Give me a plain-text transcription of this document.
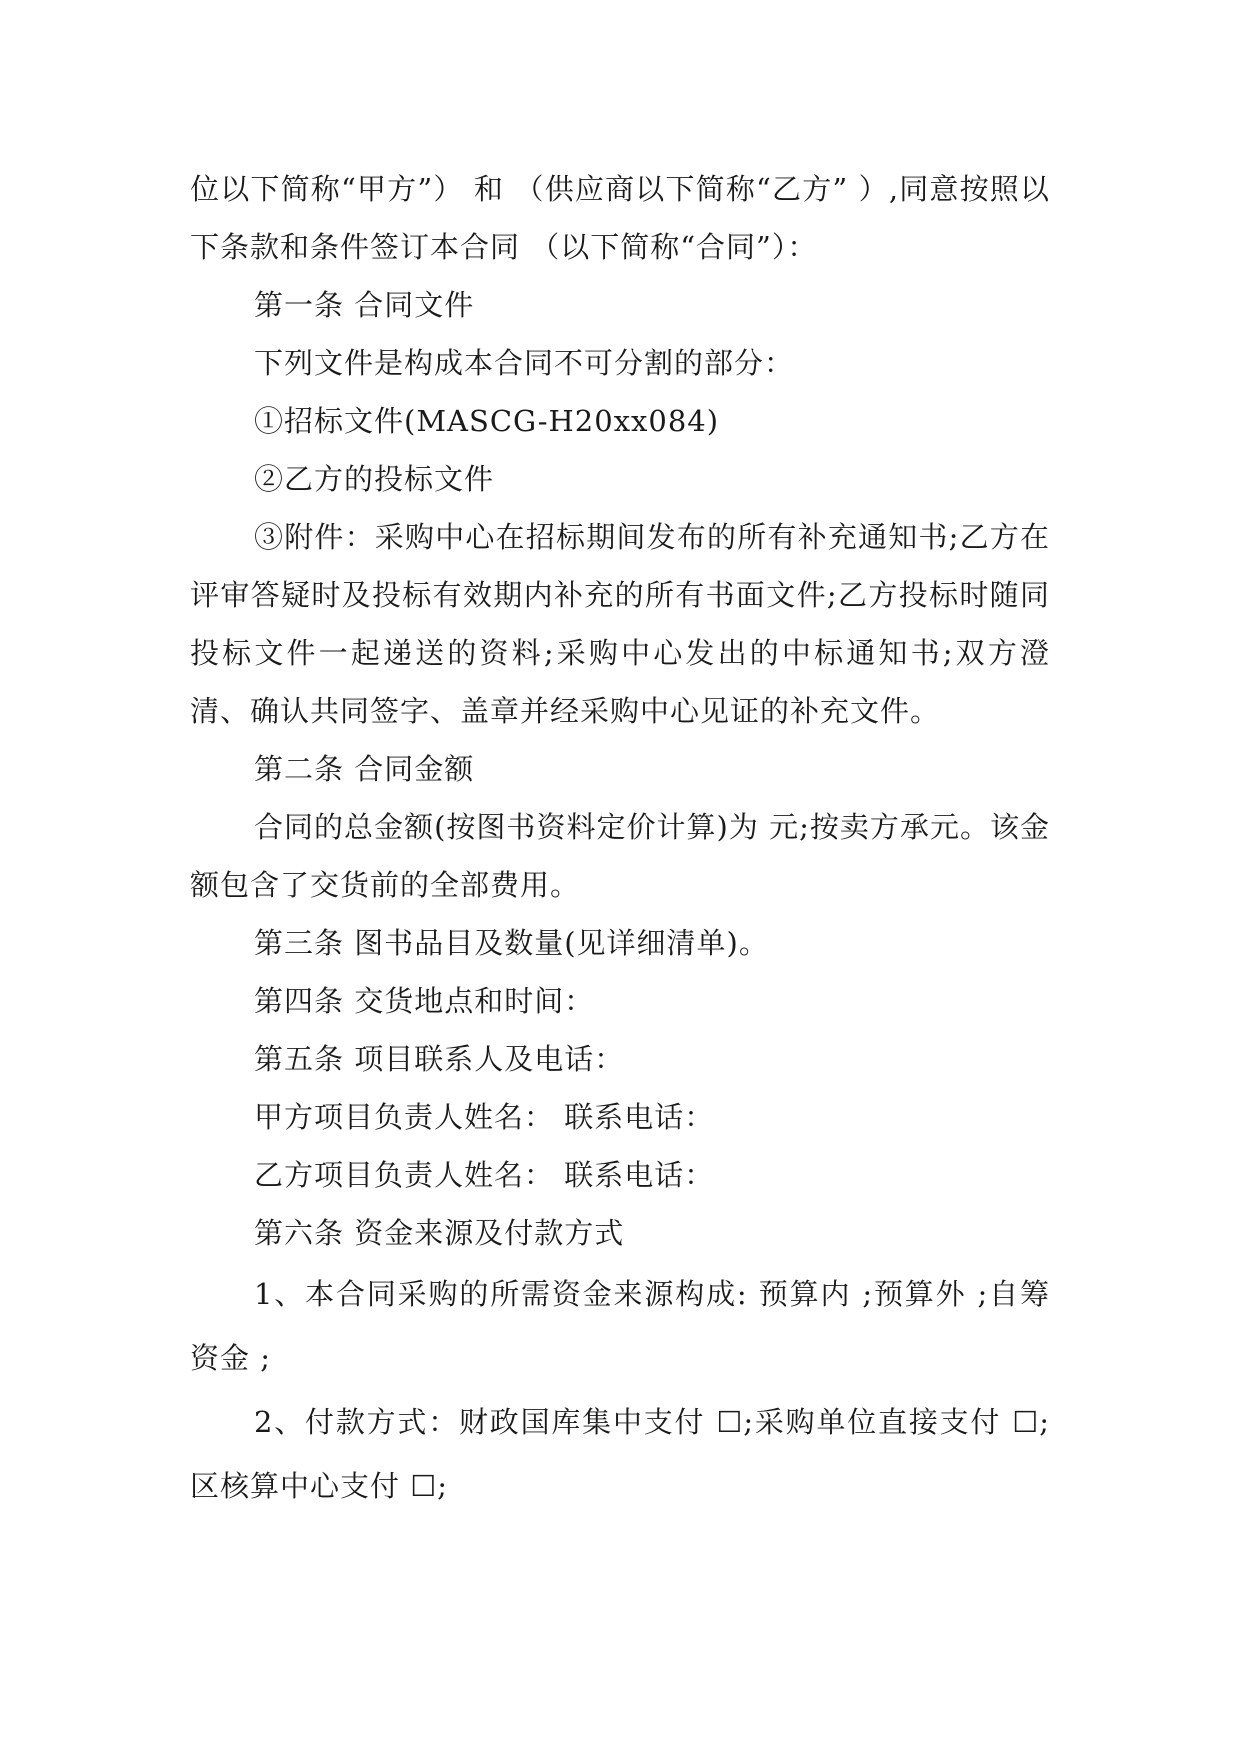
位以下简称“甲方”） 和 （供应商以下简称“乙方” ）,同意按照以下条款和条件签订本合同 （以下简称“合同”）：

第一条 合同文件

下列文件是构成本合同不可分割的部分：

①招标文件(MASCG-H20xx084)

②乙方的投标文件

③附件：采购中心在招标期间发布的所有补充通知书;乙方在评审答疑时及投标有效期内补充的所有书面文件;乙方投标时随同投标文件一起递送的资料;采购中心发出的中标通知书;双方澄清、确认共同签字、盖章并经采购中心见证的补充文件。

第二条 合同金额

合同的总金额(按图书资料定价计算)为 元;按卖方承元。该金额包含了交货前的全部费用。

第三条 图书品目及数量(见详细清单)。

第四条 交货地点和时间：

第五条 项目联系人及电话：

甲方项目负责人姓名： 联系电话：

乙方项目负责人姓名： 联系电话：

第六条 资金来源及付款方式

1、本合同采购的所需资金来源构成: 预算内 ;预算外 ;自筹资金 ;

2、付款方式：财政国库集中支付 ☐;采购单位直接支付 ☐;区核算中心支付 ☐;
